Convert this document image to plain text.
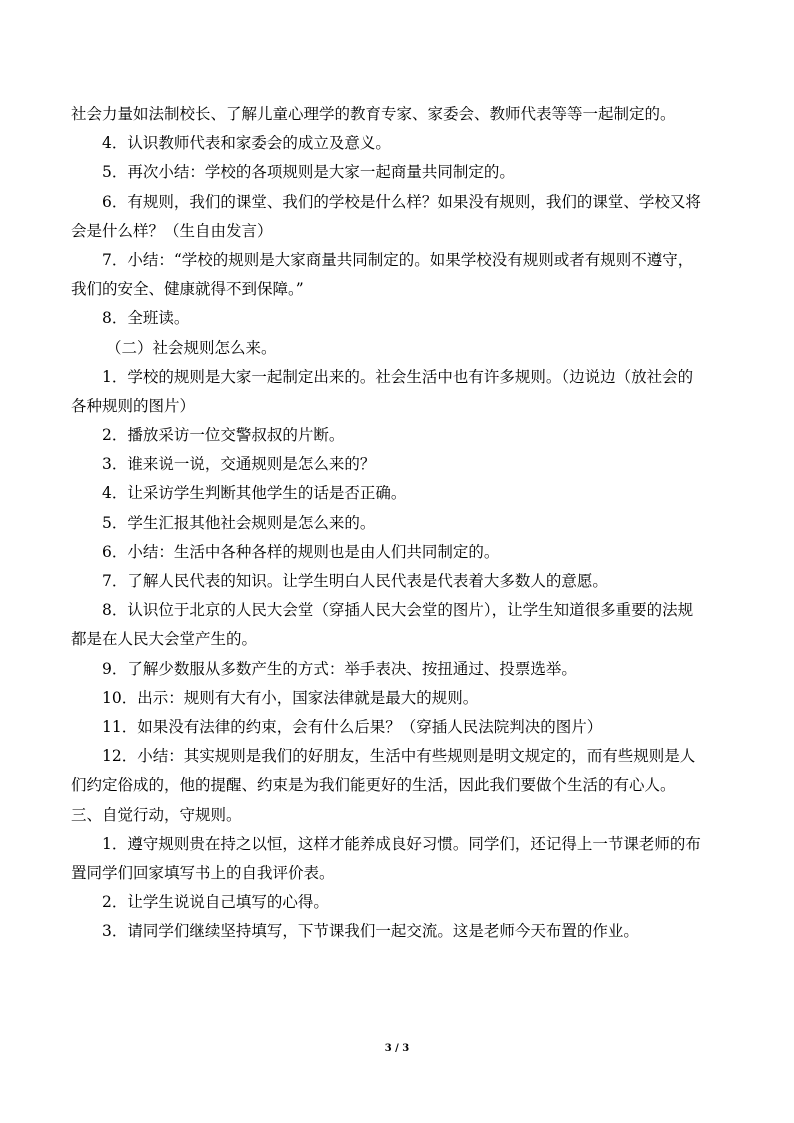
社会力量如法制校长、了解儿童心理学的教育专家、家委会、教师代表等等一起制定的。
4．认识教师代表和家委会的成立及意义。
5．再次小结：学校的各项规则是大家一起商量共同制定的。
6．有规则，我们的课堂、我们的学校是什么样？如果没有规则，我们的课堂、学校又将
会是什么样？（生自由发言）
7．小结：“学校的规则是大家商量共同制定的。如果学校没有规则或者有规则不遵守，
我们的安全、健康就得不到保障。”
8．全班读。
（二）社会规则怎么来。
1．学校的规则是大家一起制定出来的。社会生活中也有许多规则。（边说边（放社会的
各种规则的图片）
2．播放采访一位交警叔叔的片断。
3．谁来说一说，交通规则是怎么来的？
4．让采访学生判断其他学生的话是否正确。
5．学生汇报其他社会规则是怎么来的。
6．小结：生活中各种各样的规则也是由人们共同制定的。
7．了解人民代表的知识。让学生明白人民代表是代表着大多数人的意愿。
8．认识位于北京的人民大会堂（穿插人民大会堂的图片），让学生知道很多重要的法规
都是在人民大会堂产生的。
9．了解少数服从多数产生的方式：举手表决、按扭通过、投票选举。
10．出示：规则有大有小，国家法律就是最大的规则。
11．如果没有法律的约束，会有什么后果？（穿插人民法院判决的图片）
12．小结：其实规则是我们的好朋友，生活中有些规则是明文规定的，而有些规则是人
们约定俗成的，他的提醒、约束是为我们能更好的生活，因此我们要做个生活的有心人。
三、自觉行动，守规则。
1．遵守规则贵在持之以恒，这样才能养成良好习惯。同学们，还记得上一节课老师的布
置同学们回家填写书上的自我评价表。
2．让学生说说自己填写的心得。
3．请同学们继续坚持填写，下节课我们一起交流。这是老师今天布置的作业。
3 / 3
